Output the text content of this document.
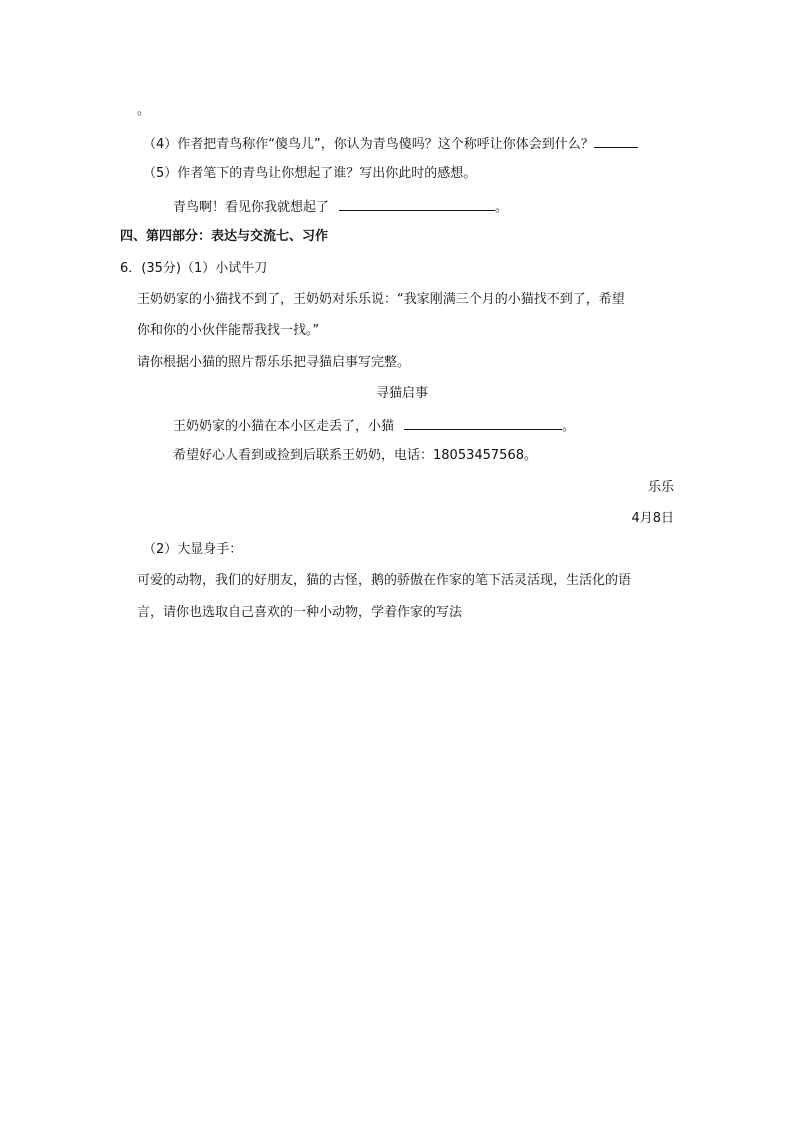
。
（4）作者把青鸟称作“傻鸟儿”，你认为青鸟傻吗？这个称呼让你体会到什么？
（5）作者笔下的青鸟让你想起了谁？写出你此时的感想。
青鸟啊！看见你我就想起了	。
四、第四部分：表达与交流七、习作
6．(35分)（1）小试牛刀
王奶奶家的小猫找不到了，王奶奶对乐乐说：“我家刚满三个月的小猫找不到了，希望
你和你的小伙伴能帮我找一找。”
请你根据小猫的照片帮乐乐把寻猫启事写完整。
寻猫启事
王奶奶家的小猫在本小区走丢了，小猫	。
希望好心人看到或捡到后联系王奶奶，电话：18053457568。
乐乐
4月8日
（2）大显身手：
可爱的动物，我们的好朋友，猫的古怪，鹅的骄傲在作家的笔下活灵活现，生活化的语
言，请你也选取自己喜欢的一种小动物，学着作家的写法
